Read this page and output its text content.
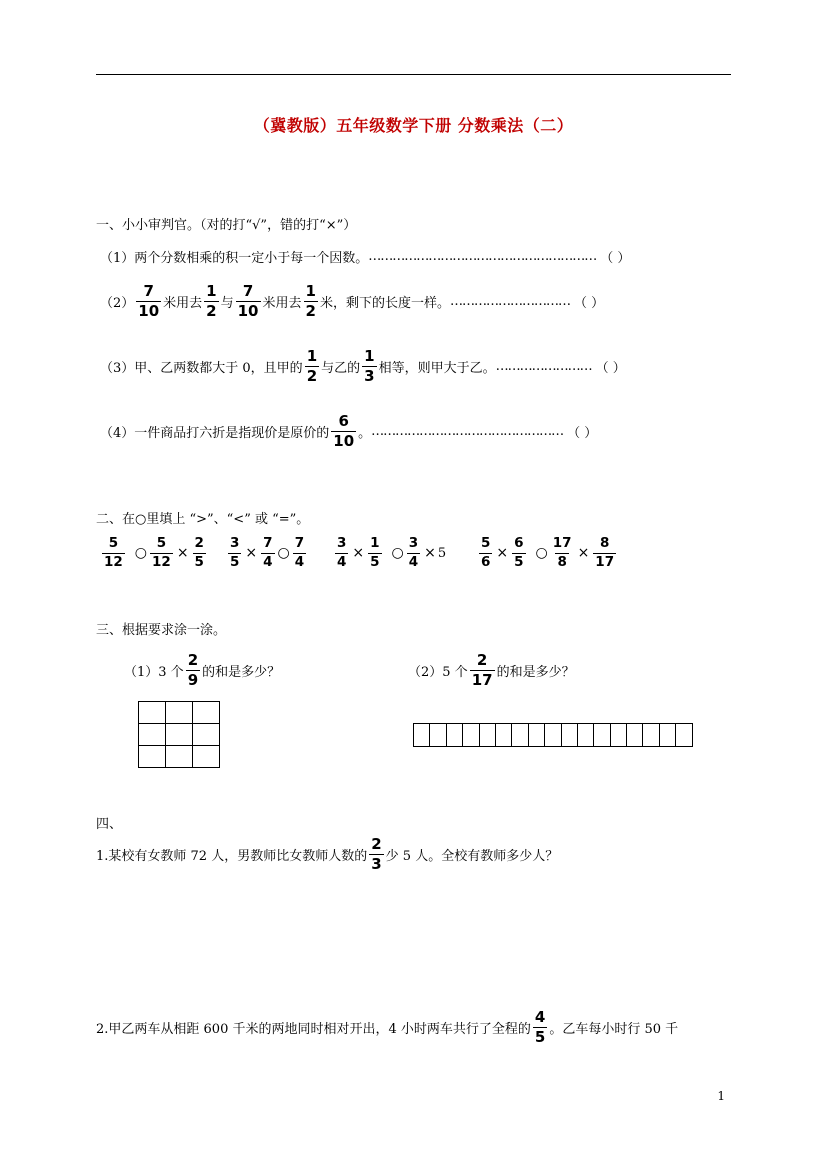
（冀教版）五年级数学下册 分数乘法（二）
一、小小审判官。（对的打“√”，错的打“×”）
（1）两个分数相乘的积一定小于每一个因数。 ………………………………………………… （ ）
$(2) \frac{7}{10}$ 米用去 $\frac{1}{2}$ 与 $\frac{7}{10}$ 米用去 $\frac{1}{2}$ 米，剩下的长度一样。 ………………………… （ ）
（3）甲、乙两数都大于 0，且甲的 $\frac{1}{2}$ 与乙的 $\frac{1}{3}$ 相等，则甲大于乙。 …………………… （ ）
（4）一件商品打六折是指现价是原价的 $\frac{6}{10}$ 。 ………………………………………… （ ）
二、在○里填上 “>”、“<” 或 “=”。
$\frac{5}{12}$ ○ $\frac{5}{12} \times \frac{2}{5} \frac{3}{5} \times \frac{7}{4}$ ○ $\frac{7}{4} \frac{3}{4} \times \frac{1}{5}$ ○ $\frac{3}{4} \times 5 \frac{5}{6} \times \frac{6}{5}$ ○ $\frac{17}{8} \times \frac{8}{17}$
三、根据要求涂一涂。
（1）3 个 $\frac{2}{9}$ 的和是多少？	（2）5 个 $\frac{2}{17}$ 的和是多少？

四、
1.某校有女教师 72 人，男教师比女教师人数的 $\frac{2}{3}$ 少 5 人。全校有教师多少人？
2.甲乙两车从相距 600 千米的两地同时相对开出，4 小时两车共行了全程的 $\frac{4}{5}$ 。乙车每小时行 50 千
1
